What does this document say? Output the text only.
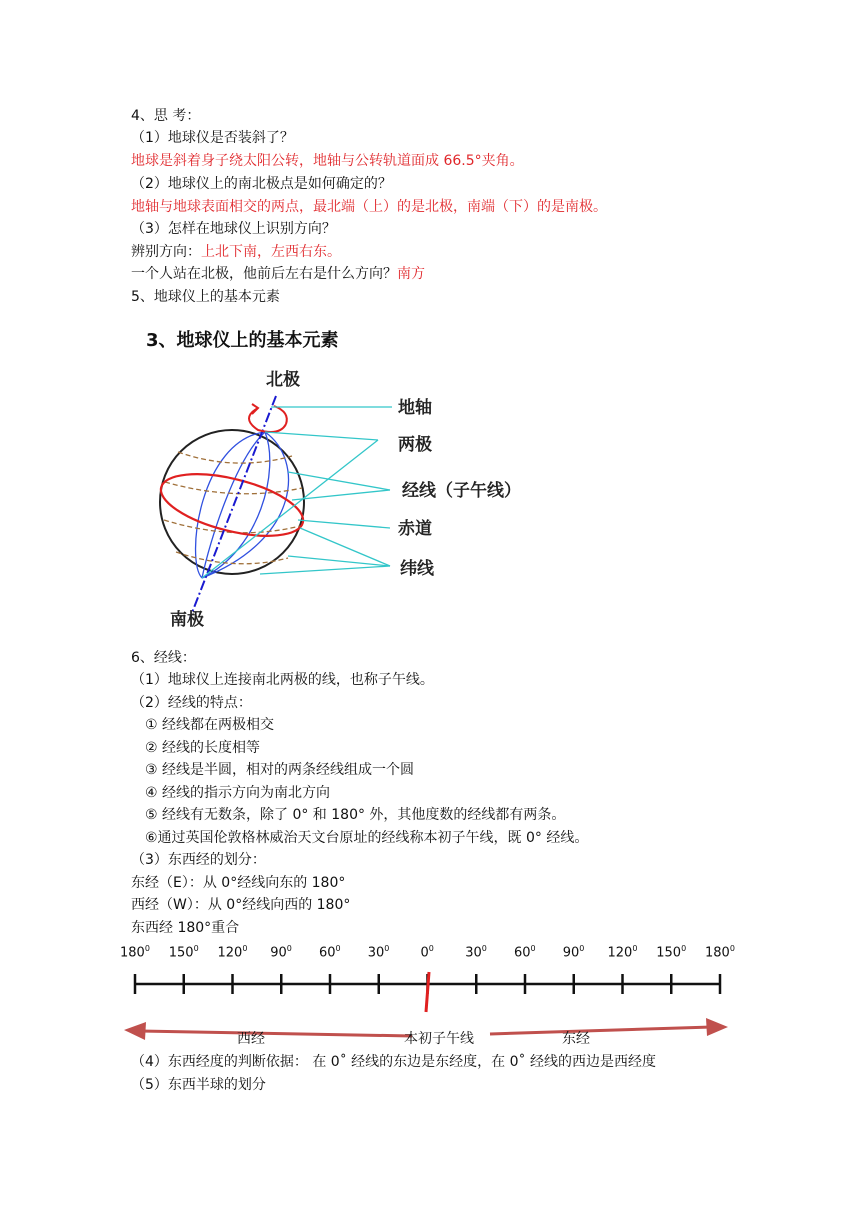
4、思 考：
（1）地球仪是否装斜了？
地球是斜着身子绕太阳公转，地轴与公转轨道面成 66.5°夹角。
（2）地球仪上的南北极点是如何确定的？
地轴与地球表面相交的两点，最北端（上）的是北极，南端（下）的是南极。
（3）怎样在地球仪上识别方向？
辨别方向：上北下南，左西右东。
一个人站在北极，他前后左右是什么方向？南方
5、地球仪上的基本元素
3、地球仪上的基本元素
北极
南极
地轴
两极
经线（子午线）
赤道
纬线
6、经线：
（1）地球仪上连接南北两极的线，也称子午线。
（2）经线的特点：
① 经线都在两极相交
② 经线的长度相等
③ 经线是半圆，相对的两条经线组成一个圆
④ 经线的指示方向为南北方向
⑤ 经线有无数条，除了 0° 和 180° 外，其他度数的经线都有两条。
⑥通过英国伦敦格林威治天文台原址的经线称本初子午线，既 0° 经线。
（3）东西经的划分：
东经（E）：从 0°经线向东的 180°
西经（W）：从 0°经线向西的 180°
东西经 180°重合
$180^0$ $150^0$ $120^0$ $90^0$ $60^0$ $30^0$ $0^0$ $30^0$ $60^0$ $90^0$ $120^0$ $150^0$ $180^0$
西经	本初子午线	东经
（4）东西经度的判断依据： 在 0˚ 经线的东边是东经度，在 0˚ 经线的西边是西经度
（5）东西半球的划分
